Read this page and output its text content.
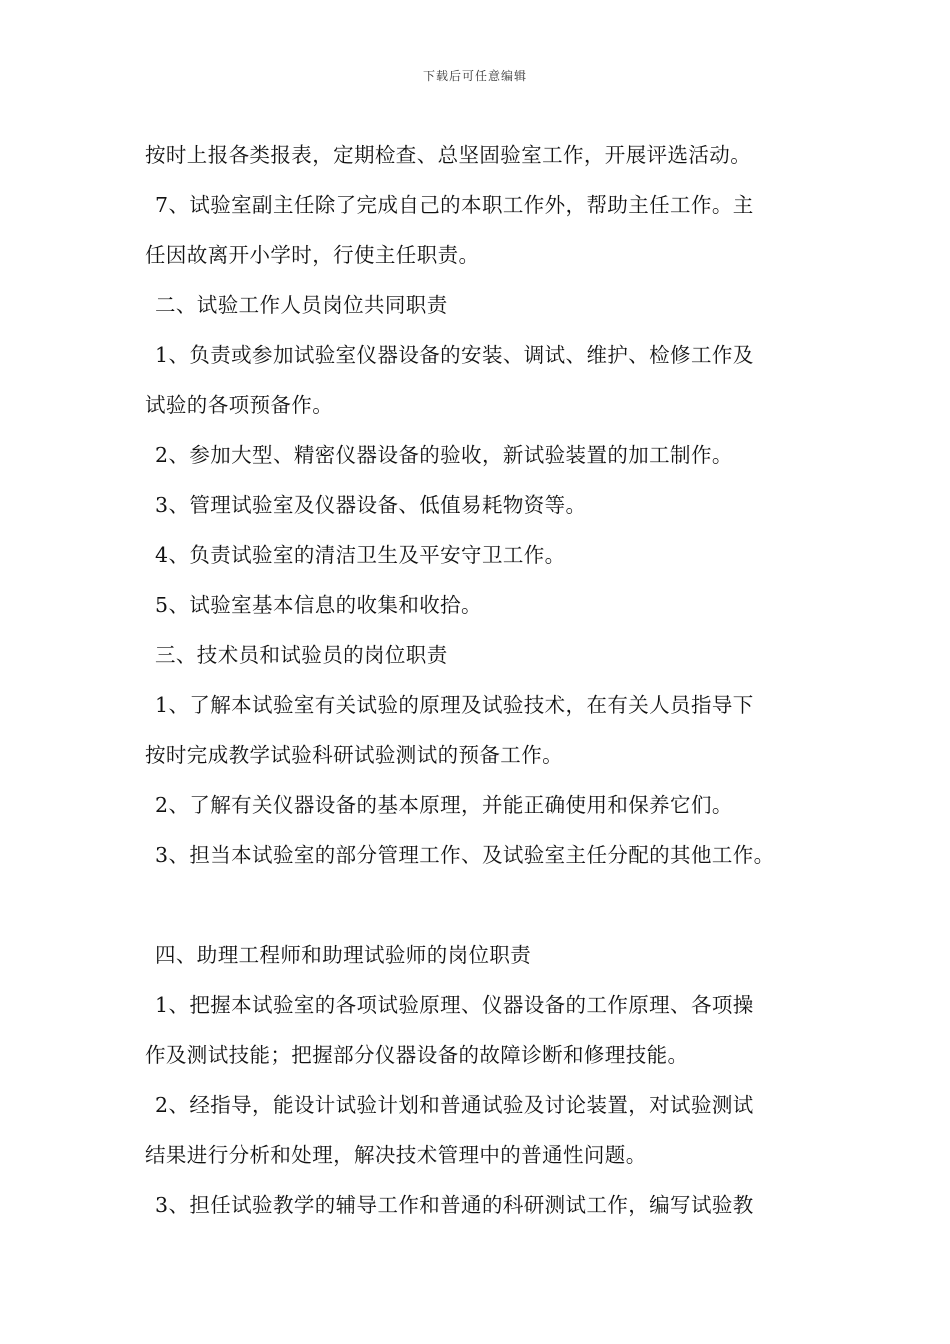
下载后可任意编辑
按时上报各类报表，定期检查、总坚固验室工作，开展评选活动。
7、试验室副主任除了完成自己的本职工作外，帮助主任工作。主
任因故离开小学时，行使主任职责。
二、试验工作人员岗位共同职责
1、负责或参加试验室仪器设备的安装、调试、维护、检修工作及
试验的各项预备作。
2、参加大型、精密仪器设备的验收，新试验装置的加工制作。
3、管理试验室及仪器设备、低值易耗物资等。
4、负责试验室的清洁卫生及平安守卫工作。
5、试验室基本信息的收集和收拾。
三、技术员和试验员的岗位职责
1、了解本试验室有关试验的原理及试验技术，在有关人员指导下
按时完成教学试验科研试验测试的预备工作。
2、了解有关仪器设备的基本原理，并能正确使用和保养它们。
3、担当本试验室的部分管理工作、及试验室主任分配的其他工作。
四、助理工程师和助理试验师的岗位职责
1、把握本试验室的各项试验原理、仪器设备的工作原理、各项操
作及测试技能；把握部分仪器设备的故障诊断和修理技能。
2、经指导，能设计试验计划和普通试验及讨论装置，对试验测试
结果进行分析和处理，解决技术管理中的普通性问题。
3、担任试验教学的辅导工作和普通的科研测试工作，编写试验教
